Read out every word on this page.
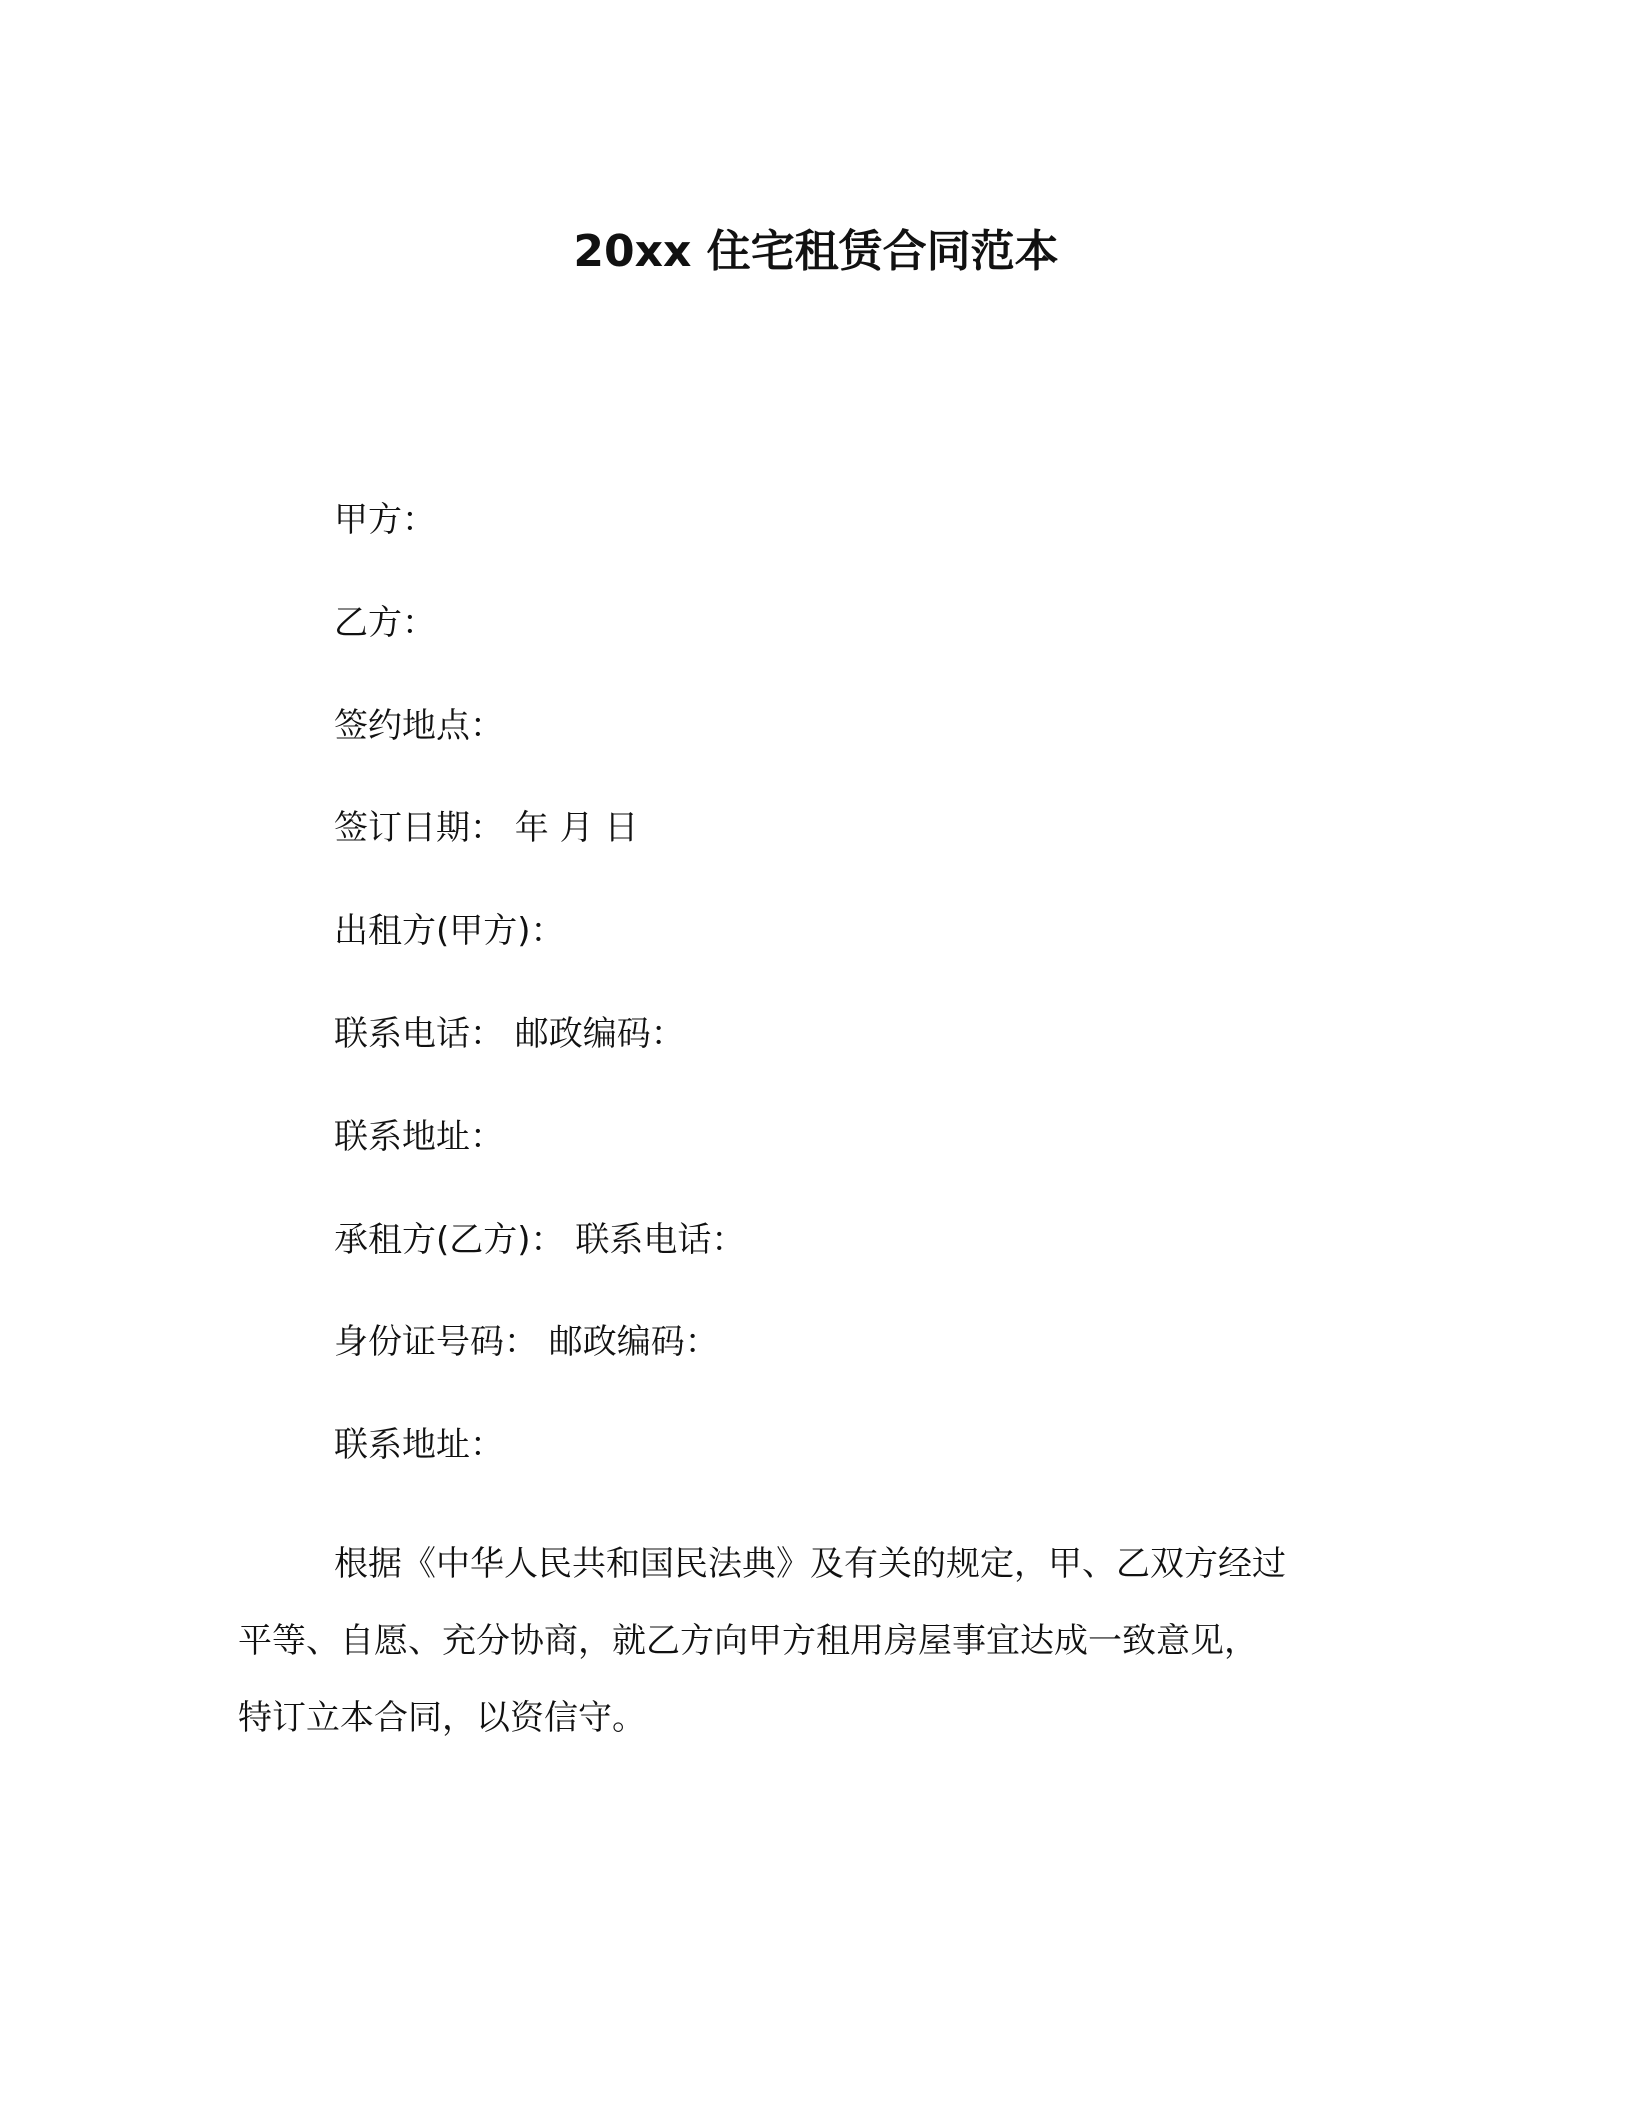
20xx 住宅租赁合同范本
甲方：
乙方：
签约地点：
签订日期： 年 月 日
出租方(甲方)：
联系电话： 邮政编码：
联系地址：
承租方(乙方)： 联系电话：
身份证号码： 邮政编码：
联系地址：
根据《中华人民共和国民法典》及有关的规定，甲、乙双方经过
平等、自愿、充分协商，就乙方向甲方租用房屋事宜达成一致意见，
特订立本合同，以资信守。
